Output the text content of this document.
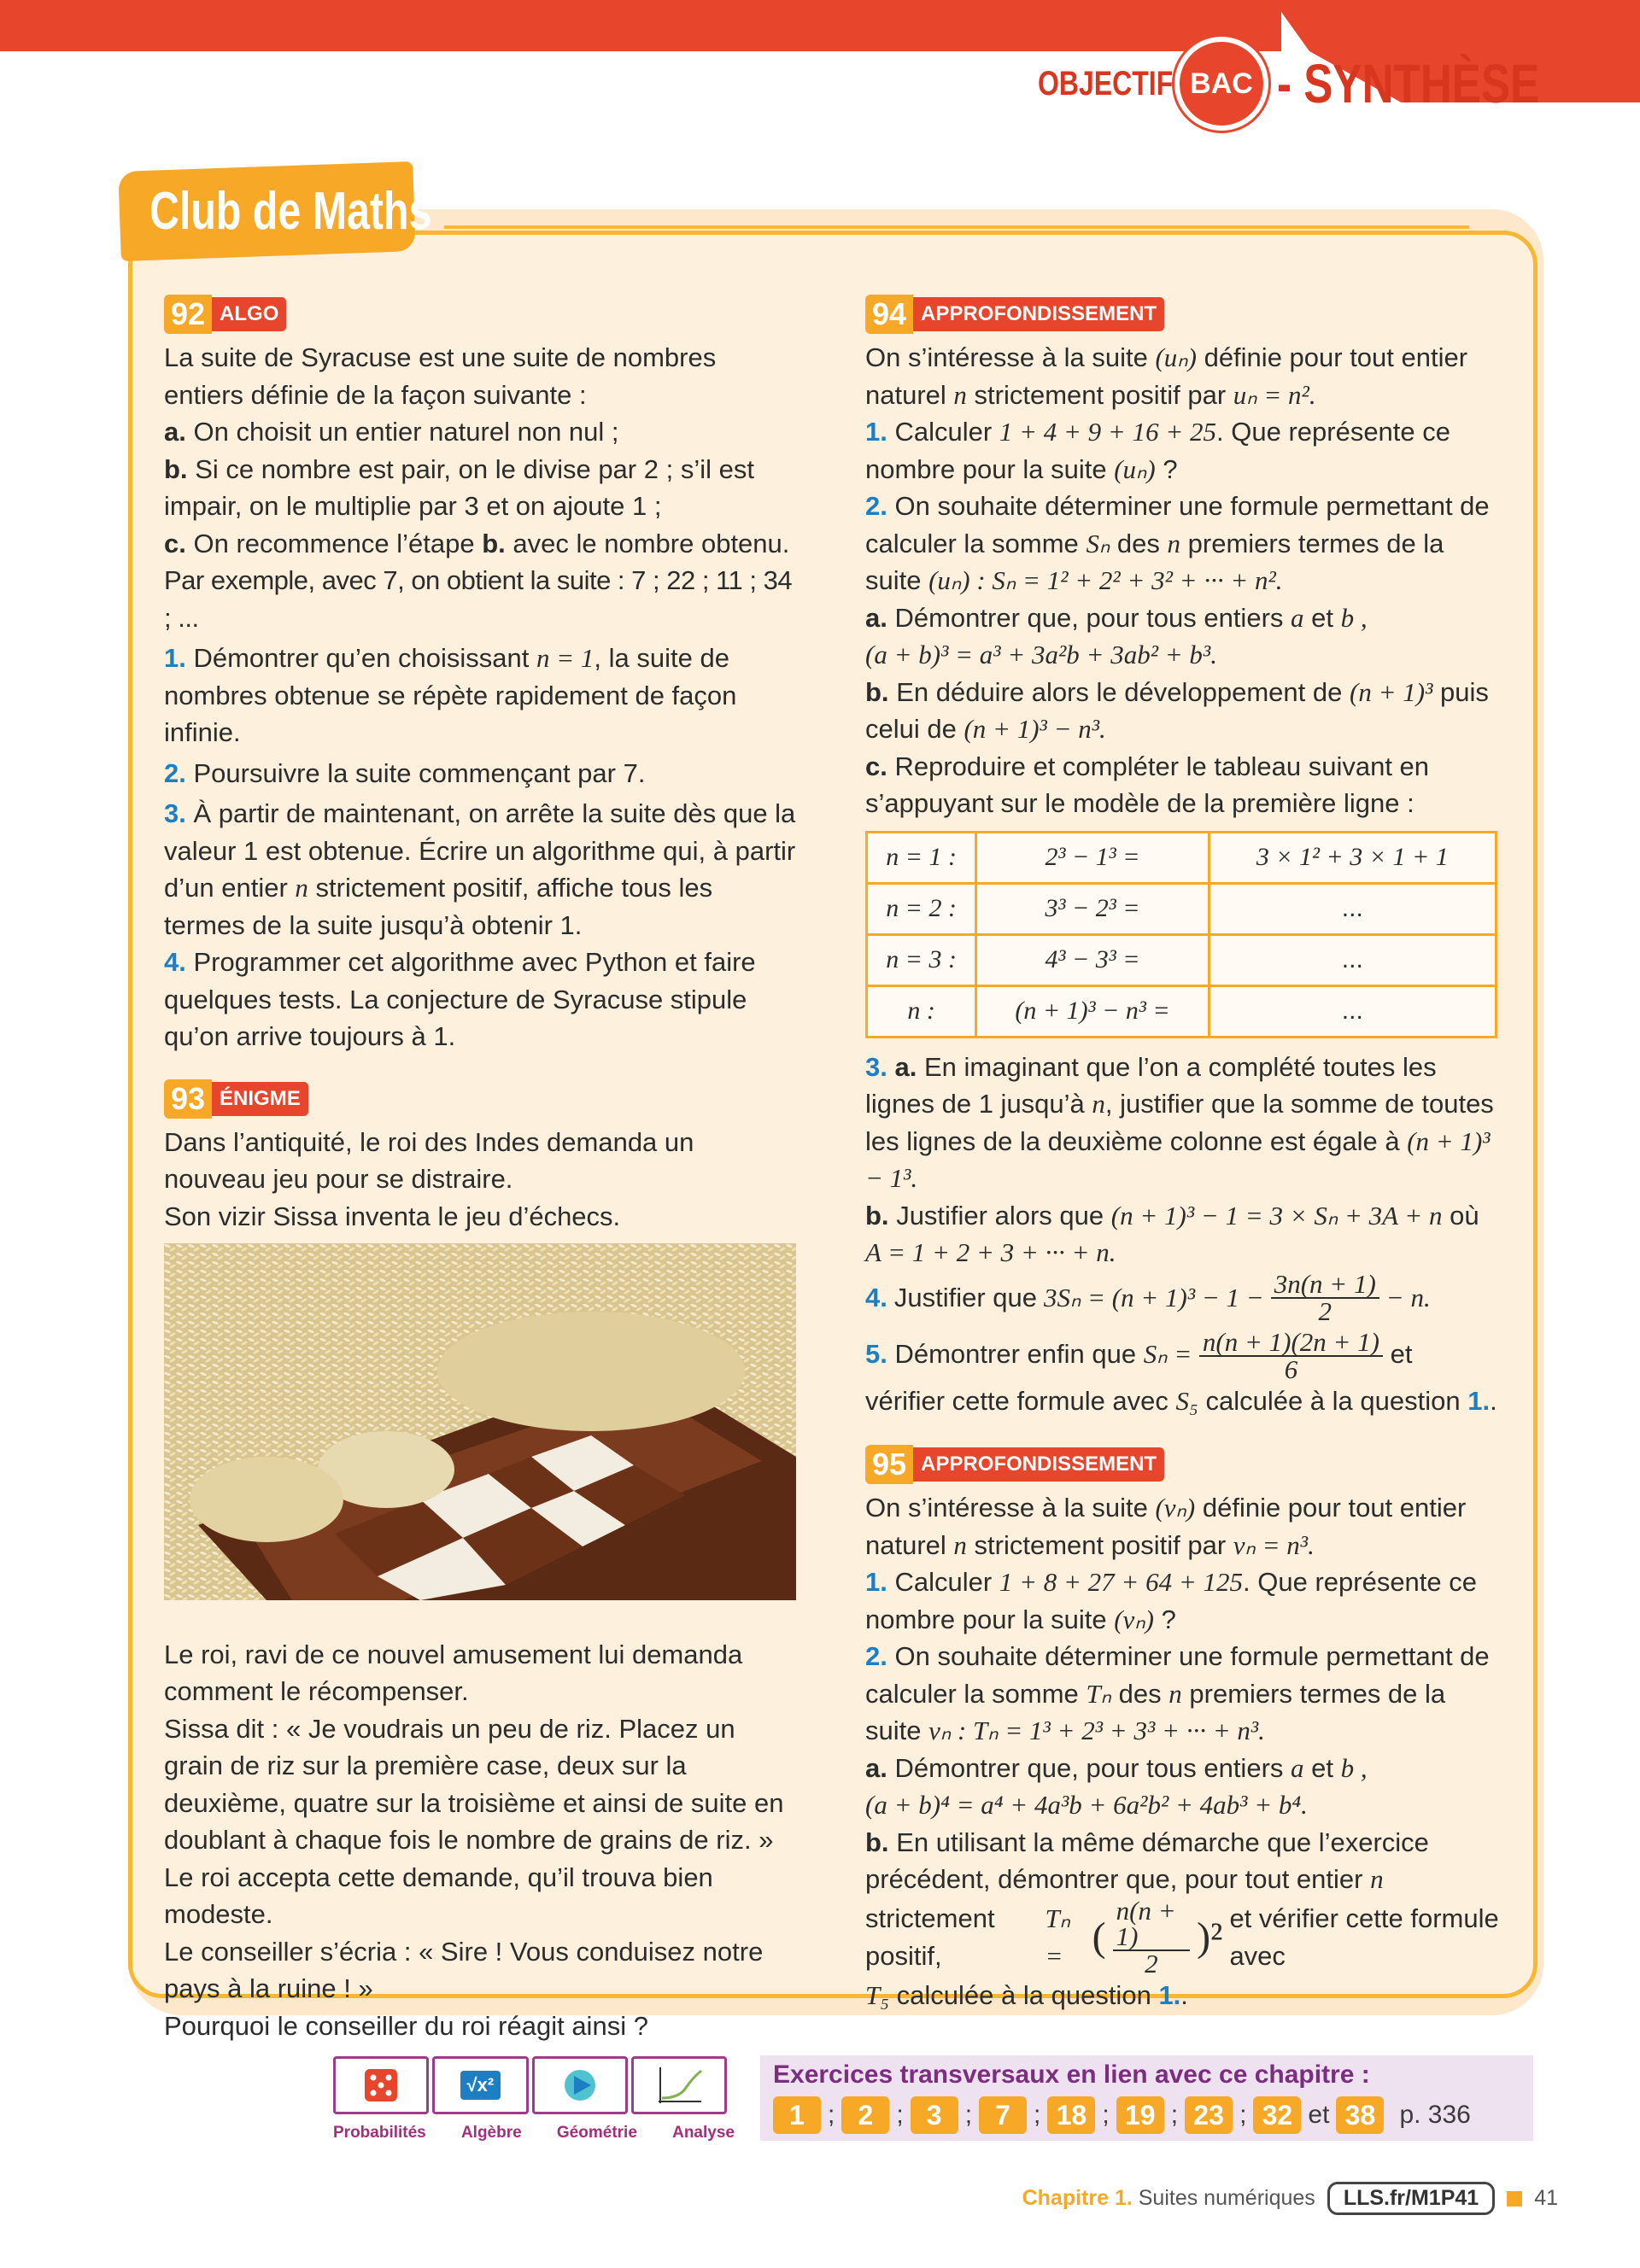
OBJECTIF BAC - SYNTHÈSE
Club de Maths
92 ALGO

La suite de Syracuse est une suite de nombres entiers définie de la façon suivante :

a. On choisit un entier naturel non nul ;

b. Si ce nombre est pair, on le divise par 2 ; s’il est impair, on le multiplie par 3 et on ajoute 1 ;

c. On recommence l’étape b. avec le nombre obtenu.

Par exemple, avec 7, on obtient la suite : 7 ; 22 ; 11 ; 34 ; ...

1. Démontrer qu’en choisissant n = 1, la suite de nombres obtenue se répète rapidement de façon infinie.

2. Poursuivre la suite commençant par 7.

3. À partir de maintenant, on arrête la suite dès que la valeur 1 est obtenue. Écrire un algorithme qui, à partir d’un entier n strictement positif, affiche tous les termes de la suite jusqu’à obtenir 1.

4. Programmer cet algorithme avec Python et faire quelques tests. La conjecture de Syracuse stipule qu’on arrive toujours à 1.

93 ÉNIGME

Dans l’antiquité, le roi des Indes demanda un nouveau jeu pour se distraire.

Son vizir Sissa inventa le jeu d’échecs.

Le roi, ravi de ce nouvel amusement lui demanda comment le récompenser.

Sissa dit : « Je voudrais un peu de riz. Placez un grain de riz sur la première case, deux sur la deuxième, quatre sur la troisième et ainsi de suite en doublant à chaque fois le nombre de grains de riz. »

Le roi accepta cette demande, qu’il trouva bien modeste.

Le conseiller s’écria : « Sire ! Vous conduisez notre pays à la ruine ! »

Pourquoi le conseiller du roi réagit ainsi ?

94 APPROFONDISSEMENT

On s’intéresse à la suite (uₙ) définie pour tout entier naturel n strictement positif par uₙ = n².

1. Calculer 1 + 4 + 9 + 16 + 25. Que représente ce nombre pour la suite (uₙ) ?

2. On souhaite déterminer une formule permettant de calculer la somme Sₙ des n premiers termes de la suite (uₙ) : Sₙ = 1² + 2² + 3² + ··· + n².

a. Démontrer que, pour tous entiers a et b ,
(a + b)³ = a³ + 3a²b + 3ab² + b³.

b. En déduire alors le développement de (n + 1)³ puis celui de (n + 1)³ − n³.

c. Reproduire et compléter le tableau suivant en s’appuyant sur le modèle de la première ligne :

n = 1 :	2³ − 1³ =	3 × 1² + 3 × 1 + 1
n = 2 :	3³ − 2³ =	...
n = 3 :	4³ − 3³ =	...
n :	(n + 1)³ − n³ =	...

3. a. En imaginant que l’on a complété toutes les lignes de 1 jusqu’à n, justifier que la somme de toutes les lignes de la deuxième colonne est égale à (n + 1)³ − 1³.

b. Justifier alors que (n + 1)³ − 1 = 3 × Sₙ + 3A + n où A = 1 + 2 + 3 + ··· + n.

4. Justifier que $3S_n = (n + 1)^3 - 1 - \frac{3n(n + 1)}{2} - n$.

5. Démontrer enfin que $S_n = \frac{n(n + 1)(2n + 1)}{6}$ et vérifier cette formule avec S₅ calculée à la question 1..

95 APPROFONDISSEMENT

On s’intéresse à la suite (vₙ) définie pour tout entier naturel n strictement positif par vₙ = n³.

1. Calculer 1 + 8 + 27 + 64 + 125. Que représente ce nombre pour la suite (vₙ) ?

2. On souhaite déterminer une formule permettant de calculer la somme Tₙ des n premiers termes de la suite vₙ : Tₙ = 1³ + 2³ + 3³ + ··· + n³.

a. Démontrer que, pour tous entiers a et b ,
(a + b)⁴ = a⁴ + 4a³b + 6a²b² + 4ab³ + b⁴.

b. En utilisant la même démarche que l’exercice précédent, démontrer que, pour tout entier n

strictement positif,
Tₙ = (
n(n + 1)
2
)² et vérifier cette formule avec

T₅ calculée à la question 1..

√x²
Probabilités Algèbre Géométrie Analyse
Exercices transversaux en lien avec ce chapitre :
1 ; 2 ; 3 ; 7 ; 18 ; 19 ; 23 ; 32 et 38 p. 336
Chapitre 1. Suites numériques	LLS.fr/M1P41	41
